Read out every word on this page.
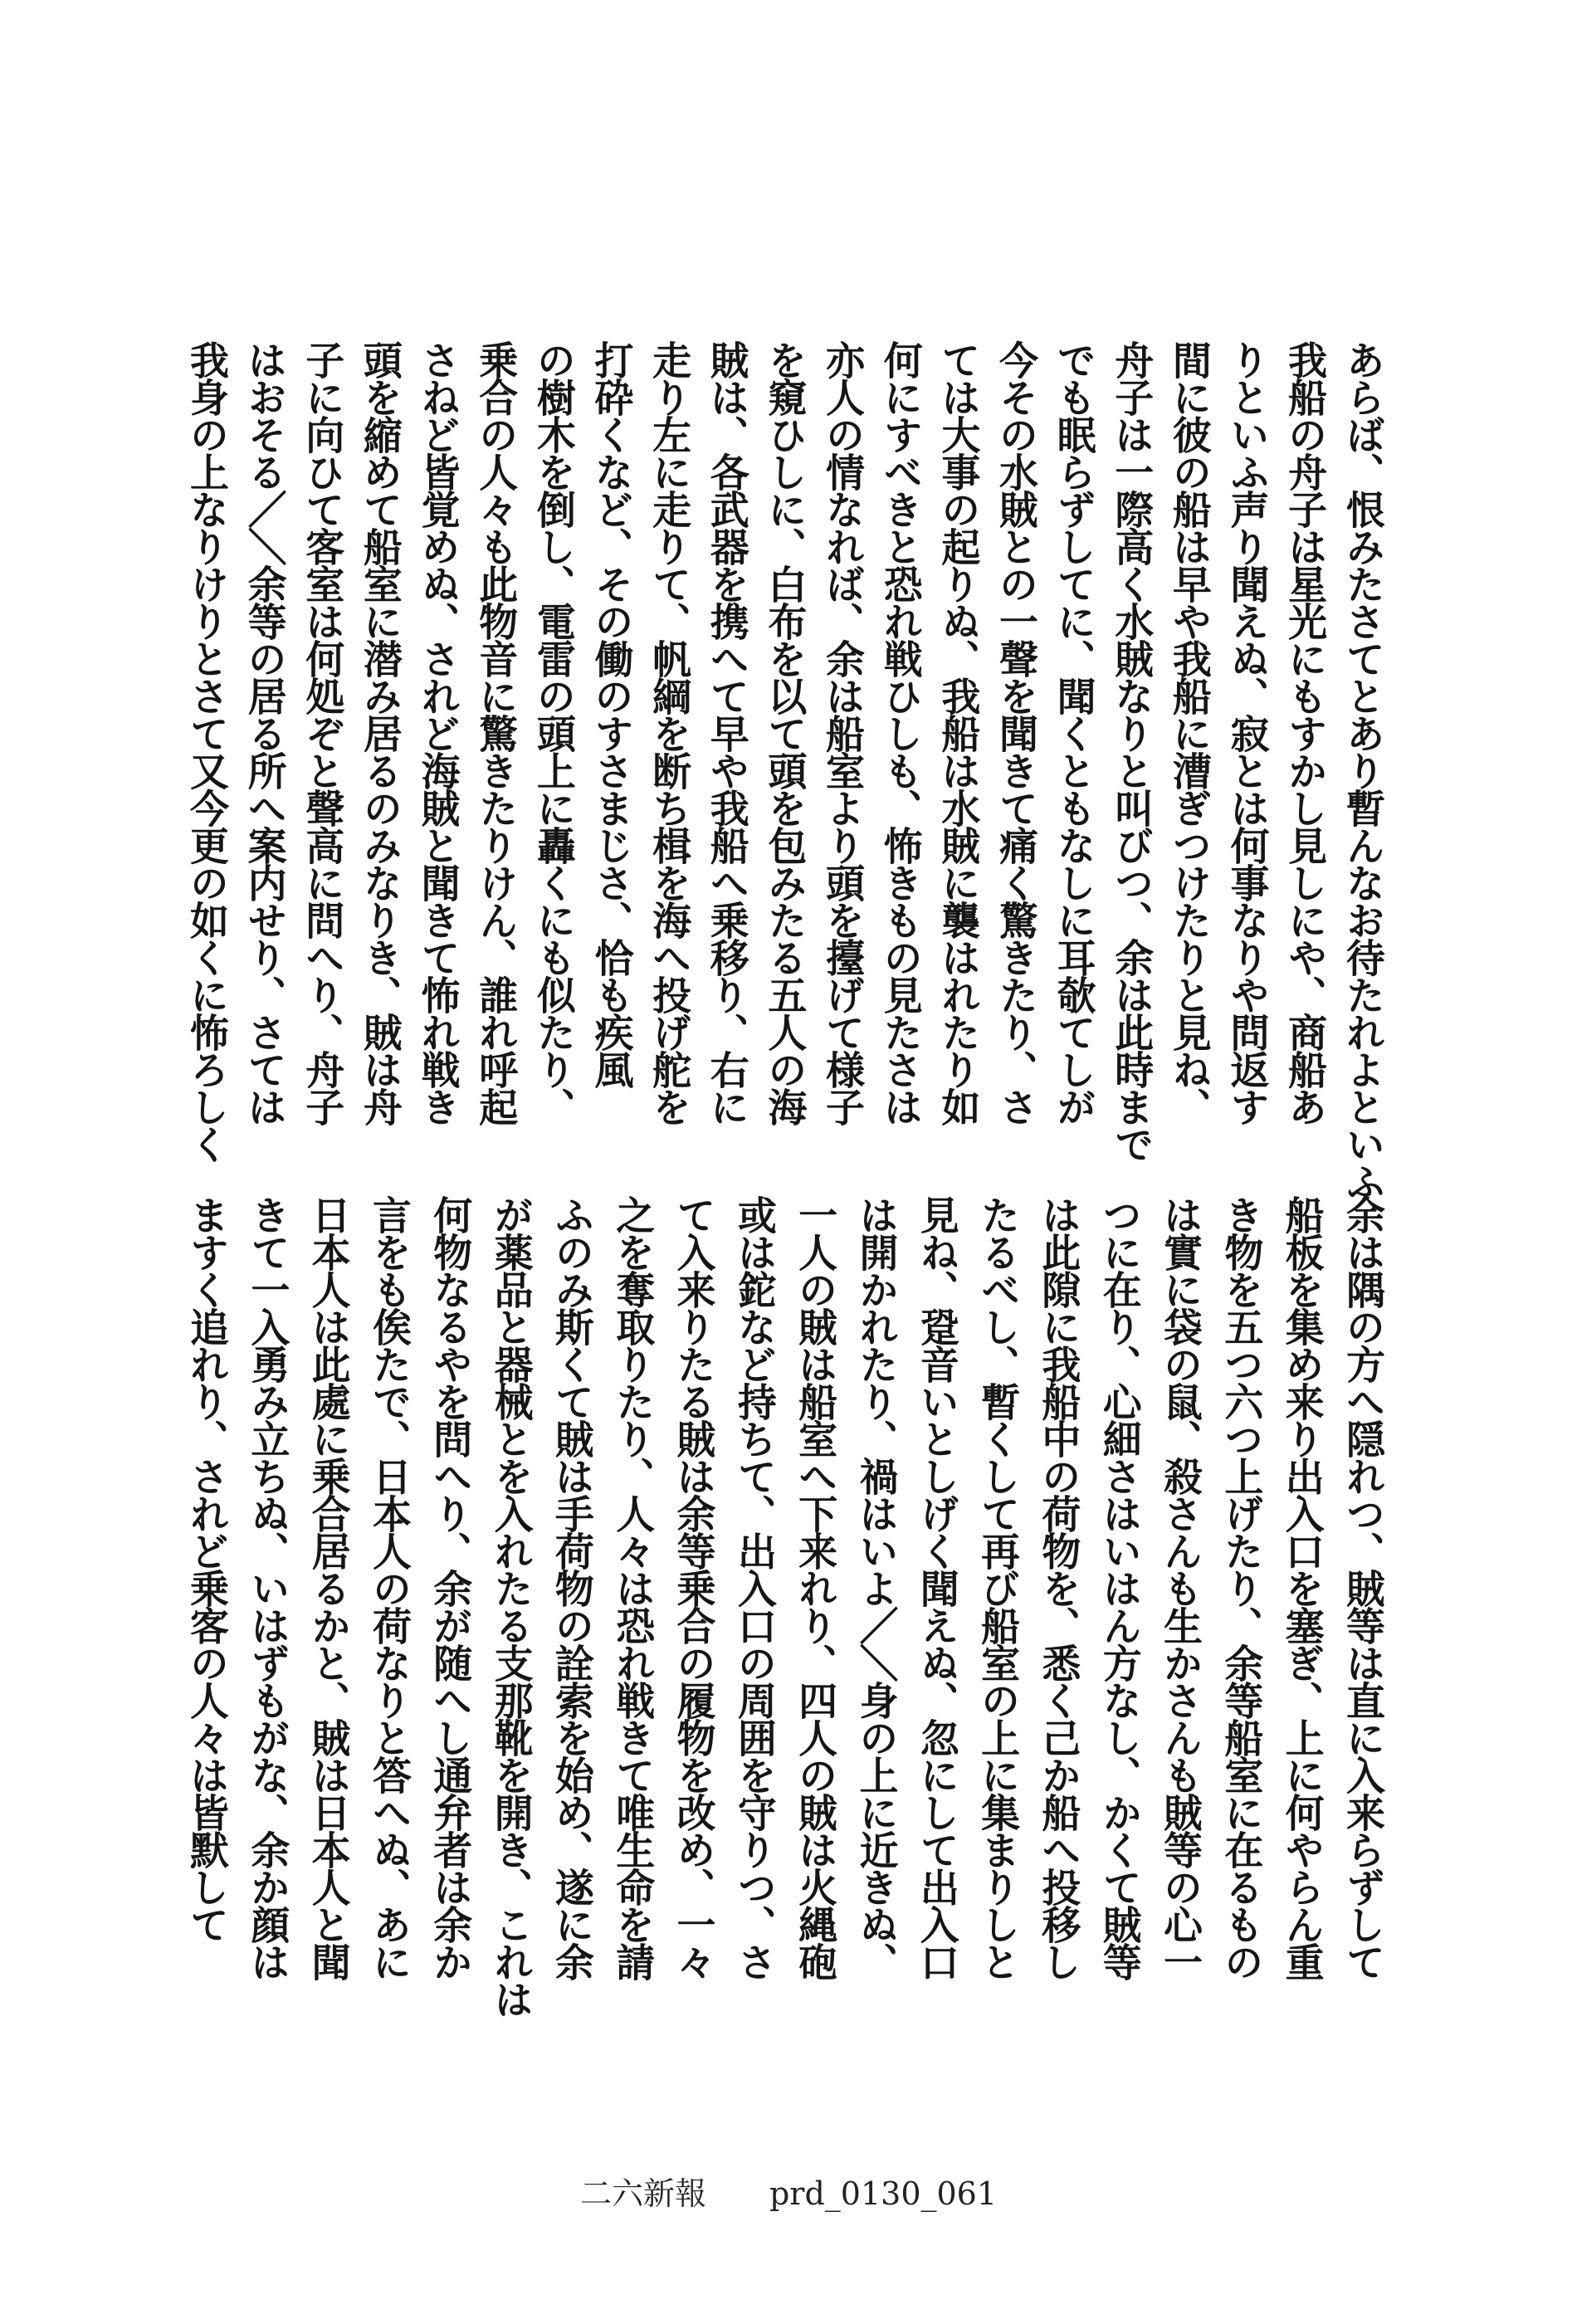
あらば、恨みたさてとあり暫んなお待たれよといふ
我船の舟子は星光にもすかし見しにや、商船あ
りといふ声り聞えぬ、寂とは何事なりや問返す
間に彼の船は早や我船に漕ぎつけたりと見ね、
舟子は一際高く水賊なりと叫びつ、余は此時まで
でも眠らずしてに、聞くともなしに耳欹てしが
今その水賊との一聲を聞きて痛く驚きたり、さ
ては大事の起りぬ、我船は水賊に襲はれたり如
何にすべきと恐れ戦ひしも、怖きもの見たさは
亦人の情なれば、余は船室より頭を擡げて様子
を窺ひしに、白布を以て頭を包みたる五人の海
賊は、各武器を携へて早や我船へ乗移り、右に
走り左に走りて、帆綱を断ち楫を海へ投げ舵を
打砕くなど、その働のすさまじさ、恰も疾風
の樹木を倒し、電雷の頭上に轟くにも似たり、
乗合の人々も此物音に驚きたりけん、誰れ呼起
さねど皆覚めぬ、されど海賊と聞きて怖れ戦き
頭を縮めて船室に潜み居るのみなりき、賊は舟
子に向ひて客室は何処ぞと聲高に問へり、舟子
はおそる／＼余等の居る所へ案内せり、さては
我身の上なりけりとさて又今更の如くに怖ろしく
余は隅の方へ隠れつ、賊等は直に入来らずして
船板を集め来り出入口を塞ぎ、上に何やらん重
き物を五つ六つ上げたり、余等船室に在るもの
は實に袋の鼠、殺さんも生かさんも賊等の心一
つに在り、心細さはいはん方なし、かくて賊等
は此隙に我船中の荷物を、悉く己か船へ投移し
たるべし、暫くして再び船室の上に集まりしと
見ね、跫音いとしげく聞えぬ、忽にして出入口
は開かれたり、禍はいよ／＼身の上に近きぬ、
一人の賊は船室へ下来れり、四人の賊は火縄砲
或は鉈など持ちて、出入口の周囲を守りつ、さ
て入来りたる賊は余等乗合の履物を改め、一々
之を奪取りたり、人々は恐れ戦きて唯生命を請
ふのみ斯くて賊は手荷物の詮索を始め、遂に余
が薬品と器械とを入れたる支那靴を開き、これは
何物なるやを問へり、余が随へし通弁者は余か
言をも俟たで、日本人の荷なりと答へぬ、あに
日本人は此處に乗合居るかと、賊は日本人と聞
きて一入勇み立ちぬ、いはずもがな、余か顔は
ますく追れり、されど乗客の人々は皆默して
二六新報　　prd_0130_061
